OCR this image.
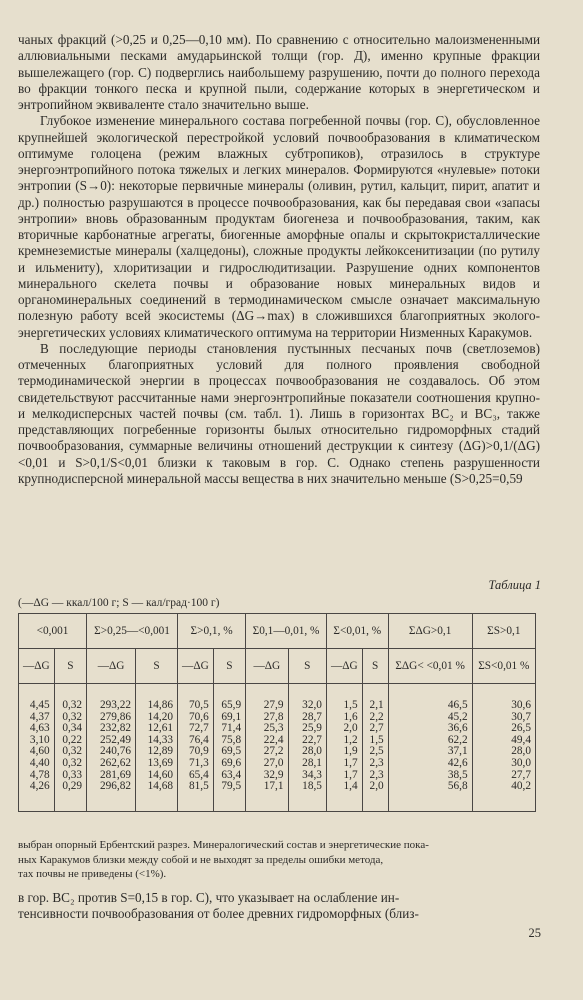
чаных фракций (>0,25 и 0,25—0,10 мм). По сравнению с относительно малоизмененными аллювиальными песками амударьинской толщи (гор. Д), именно крупные фракции вышележащего (гор. С) подверглись наибольшему разрушению, почти до полного перехода во фракции тонкого песка и крупной пыли, содержание которых в энергетическом и энтропийном эквиваленте стало значительно выше.

Глубокое изменение минерального состава погребенной почвы (гор. С), обусловленное крупнейшей экологической перестройкой условий почвообразования в климатическом оптимуме голоцена (режим влажных субтропиков), отразилось в структуре энергоэнтропийного потока тяжелых и легких минералов. Формируются «нулевые» потоки энтропии (S→0): некоторые первичные минералы (оливин, рутил, кальцит, пирит, апатит и др.) полностью разрушаются в процессе почвообразования, как бы передавая свои «запасы энтропии» вновь образованным продуктам биогенеза и почвообразования, таким, как вторичные карбонатные агрегаты, биогенные аморфные опалы и скрытокристаллические кремнеземистые минералы (халцедоны), сложные продукты лейкоксенитизации (по рутилу и ильмениту), хлоритизации и гидрослюдитизации. Разрушение одних компонентов минерального скелета почвы и образование новых минеральных видов и органоминеральных соединений в термодинамическом смысле означает максимальную полезную работу всей экосистемы (ΔG→max) в сложившихся благоприятных эколого-энергетических условиях климатического оптимума на территории Низменных Каракумов.

В последующие периоды становления пустынных песчаных почв (светлоземов) отмеченных благоприятных условий для полного проявления свободной термодинамической энергии в процессах почвообразования не создавалось. Об этом свидетельствуют рассчитанные нами энергоэнтропийные показатели соотношения крупно- и мелкодисперсных частей почвы (см. табл. 1). Лишь в горизонтах ВС₂ и ВС₃, также представляющих погребенные горизонты былых относительно гидроморфных стадий почвообразования, суммарные величины отношений деструкции к синтезу (ΔG)>0,1/(ΔG)<0,01 и S>0,1/S<0,01 близки к таковым в гор. С. Однако степень разрушенности крупнодисперсной минеральной массы вещества в них значительно меньше (S>0,25=0,59

Таблица 1
(—ΔG — ккал/100 г; S — кал/град·100 г)
<0,001		Σ>0,25—<0,001		Σ>0,1, %		Σ0,1—0,01, %		Σ<0,01, %		ΣΔG>0,1	ΣS>0,1
—ΔG	S	—ΔG	S	—ΔG	S	—ΔG	S	—ΔG	S	ΣΔG< <0,01 %	ΣS<0,01 %
4,45	0,32	293,22	14,86	70,5	65,9	27,9	32,0	1,5	2,1	46,5	30,6
4,37	0,32	279,86	14,20	70,6	69,1	27,8	28,7	1,6	2,2	45,2	30,7
4,63	0,34	232,82	12,61	72,7	71,4	25,3	25,9	2,0	2,7	36,6	26,5
3,10	0,22	252,49	14,33	76,4	75,8	22,4	22,7	1,2	1,5	62,2	49,4
4,60	0,32	240,76	12,89	70,9	69,5	27,2	28,0	1,9	2,5	37,1	28,0
4,40	0,32	262,62	13,69	71,3	69,6	27,0	28,1	1,7	2,3	42,6	30,0
4,78	0,33	281,69	14,60	65,4	63,4	32,9	34,3	1,7	2,3	38,5	27,7
4,26	0,29	296,82	14,68	81,5	79,5	17,1	18,5	1,4	2,0	56,8	40,2
выбран опорный Ербентский разрез. Минералогический состав и энергетические пока-
ных Каракумов близки между собой и не выходят за пределы ошибки метода,
тах почвы не приведены (<1%).
в гор. ВС₂ против S=0,15 в гор. С), что указывает на ослабление ин-
тенсивности почвообразования от более древних гидроморфных (близ-
25
